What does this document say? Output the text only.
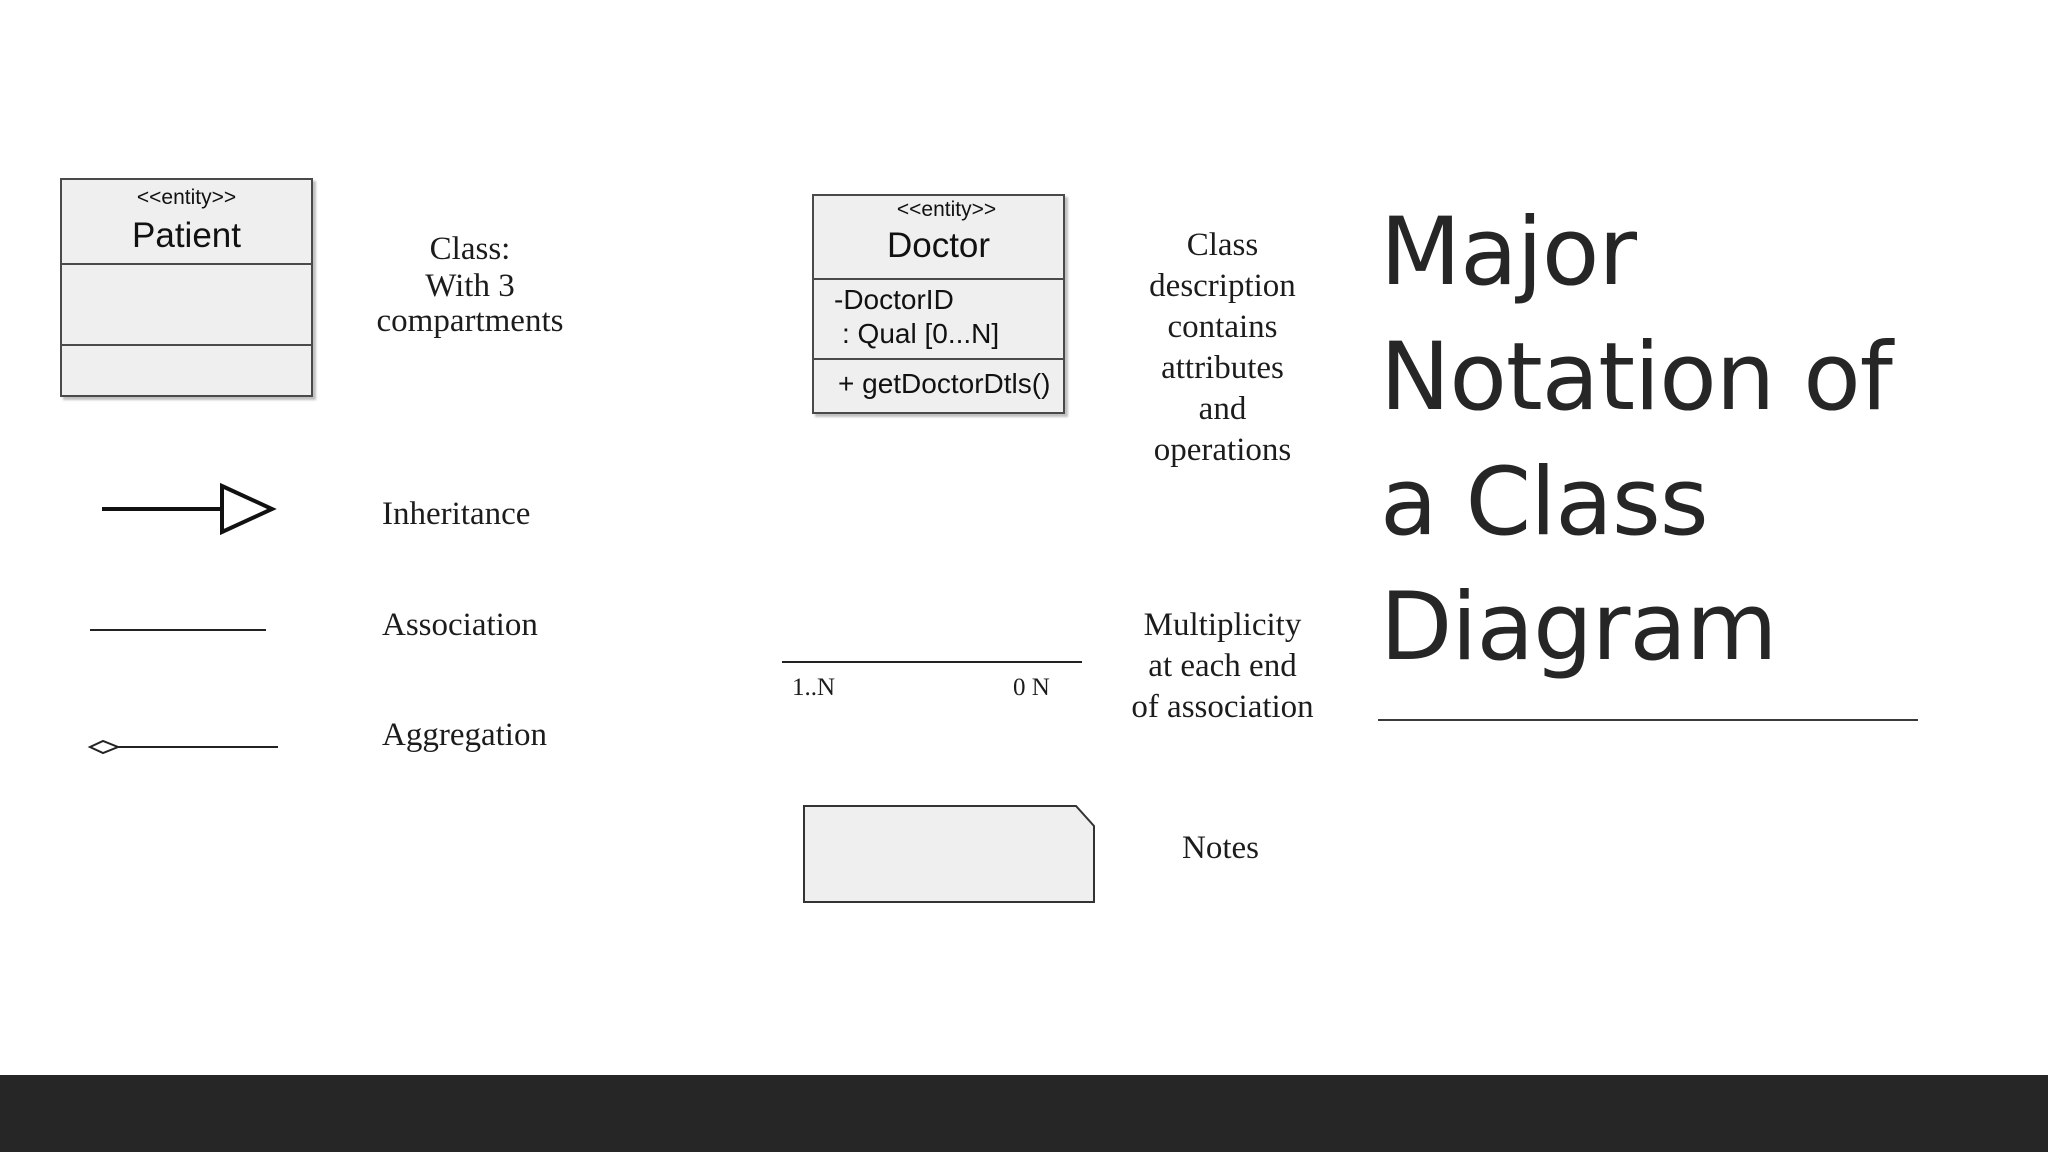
<<entity>>
Patient	Class:
With 3
compartments
<<entity>>
Doctor
-DoctorID
: Qual [0...N]
+ getDoctorDtls()
Class
description
contains
attributes
and
operations
Inheritance
Association
Aggregation
1..N	0 N
Multiplicity
at each end
of association
Notes
Major
Notation of
a Class
Diagram
